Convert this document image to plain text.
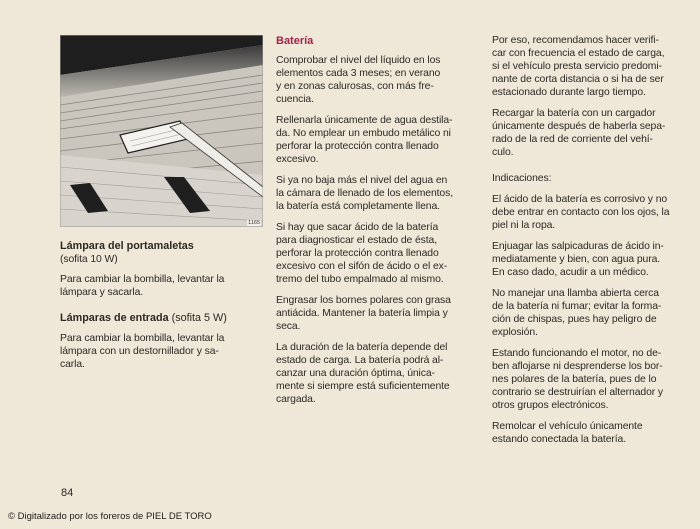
1165
Lámpara del portamaletas

(sofita 10 W)

Para cambiar la bombilla, levantar la
lámpara y sacarla.

Lámparas de entrada (sofita 5 W)

Para cambiar la bombilla, levantar la
lámpara con un destornillador y sa-
carla.

Batería

Comprobar el nivel del líquido en los
elementos cada 3 meses; en verano
y en zonas calurosas, con más fre-
cuencia.

Rellenarla únicamente de agua destila-
da. No emplear un embudo metálico ni
perforar la protección contra llenado
excesivo.

Si ya no baja más el nivel del agua en
la cámara de llenado de los elementos,
la batería está completamente llena.

Si hay que sacar ácido de la batería
para diagnosticar el estado de ésta,
perforar la protección contra llenado
excesivo con el sifón de ácido o el ex-
tremo del tubo empalmado al mismo.

Engrasar los bornes polares con grasa
antiácida. Mantener la batería limpia y
seca.

La duración de la batería depende del
estado de carga. La batería podrá al-
canzar una duración óptima, única-
mente si siempre está suficientemente
cargada.

Por eso, recomendamos hacer verifi-
car con frecuencia el estado de carga,
si el vehículo presta servicio predomi-
nante de corta distancia o si ha de ser
estacionado durante largo tiempo.

Recargar la batería con un cargador
únicamente después de haberla sepa-
rado de la red de corriente del vehí-
culo.

Indicaciones:

El ácido de la batería es corrosivo y no
debe entrar en contacto con los ojos, la
piel ni la ropa.

Enjuagar las salpicaduras de ácido in-
mediatamente y bien, con agua pura.
En caso dado, acudir a un médico.

No manejar una llamba abierta cerca
de la batería ni fumar; evitar la forma-
ción de chispas, pues hay peligro de
explosión.

Estando funcionando el motor, no de-
ben aflojarse ni desprenderse los bor-
nes polares de la batería, pues de lo
contrario se destruirían el alternador y
otros grupos electrónicos.

Remolcar el vehículo únicamente
estando conectada la batería.

84
© Digitalizado por los foreros de PIEL DE TORO
